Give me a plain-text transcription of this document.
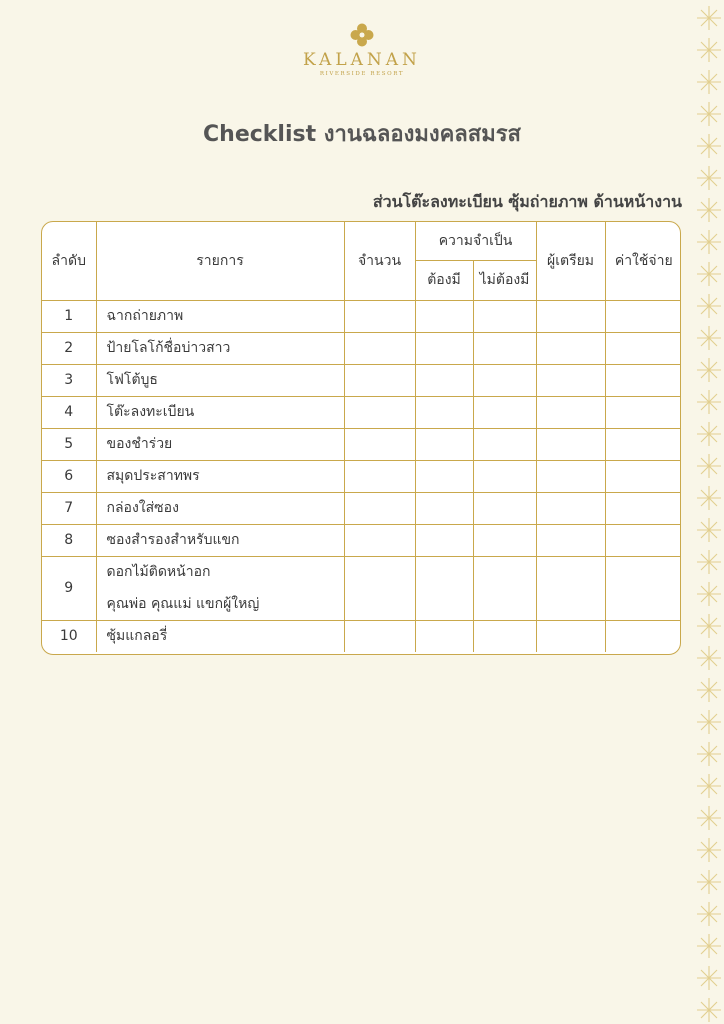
KALANAN
RIVERSIDE RESORT
Checklist งานฉลองมงคลสมรส
ส่วนโต๊ะลงทะเบียน ซุ้มถ่ายภาพ ด้านหน้างาน
ลำดับ	รายการ	จำนวน	ความจำเป็น		ผู้เตรียม	ค่าใช้จ่าย
			ต้องมี	ไม่ต้องมี		
1	ฉากถ่ายภาพ					
2	ป้ายโลโก้ชื่อบ่าวสาว					
3	โฟโต้บูธ					
4	โต๊ะลงทะเบียน					
5	ของชำร่วย					
6	สมุดประสาทพร					
7	กล่องใส่ซอง					
8	ซองสำรองสำหรับแขก					
9	ดอกไม้ติดหน้าอก
คุณพ่อ คุณแม่ แขกผู้ใหญ่					

10	ซุ้มแกลอรี่					
